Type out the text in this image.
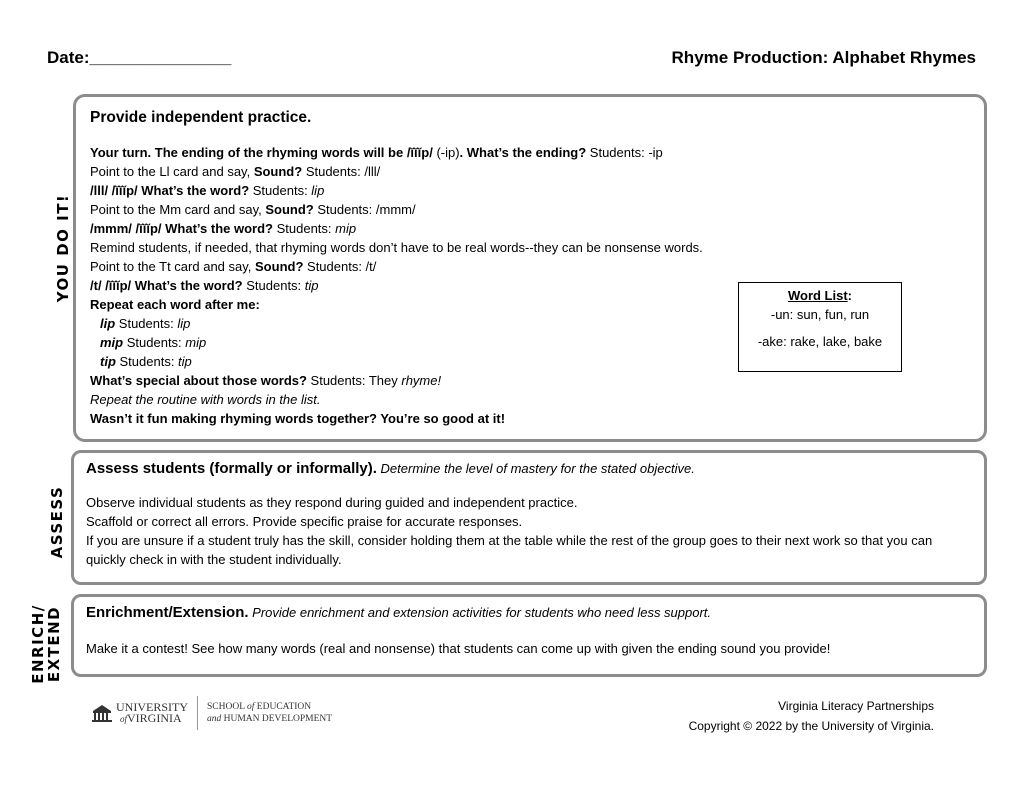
Date:_______________	Rhyme Production: Alphabet Rhymes
YOU DO IT!
Provide independent practice.
Your turn. The ending of the rhyming words will be /ĭĭĭp/ (-ip). What’s the ending? Students: -ip
Point to the Ll card and say, Sound? Students: /lll/
/lll/ /ĭĭĭp/ What’s the word? Students: lip
Point to the Mm card and say, Sound? Students: /mmm/
/mmm/ /ĭĭĭp/ What’s the word? Students: mip
Remind students, if needed, that rhyming words don’t have to be real words--they can be nonsense words.
Point to the Tt card and say, Sound? Students: /t/
/t/ /ĭĭĭp/ What’s the word? Students: tip
Repeat each word after me:
lip Students: lip
mip Students: mip
tip Students: tip
What’s special about those words? Students: They rhyme!
Repeat the routine with words in the list.
Wasn’t it fun making rhyming words together? You’re so good at it!
Word List:
-un: sun, fun, run
-ake: rake, lake, bake
ASSESS
Assess students (formally or informally). Determine the level of mastery for the stated objective.
Observe individual students as they respond during guided and independent practice.
Scaffold or correct all errors. Provide specific praise for accurate responses.
If you are unsure if a student truly has the skill, consider holding them at the table while the rest of the group goes to their next work so that you can quickly check in with the student individually.
ENRICH/
EXTEND Enrichment/Extension. Provide enrichment and extension activities for students who need less support.
Make it a contest! See how many words (real and nonsense) that students can come up with given the ending sound you provide!
UNIVERSITY
ofVIRGINIA
SCHOOL of EDUCATION
and HUMAN DEVELOPMENT
Virginia Literacy Partnerships
Copyright © 2022 by the University of Virginia.
